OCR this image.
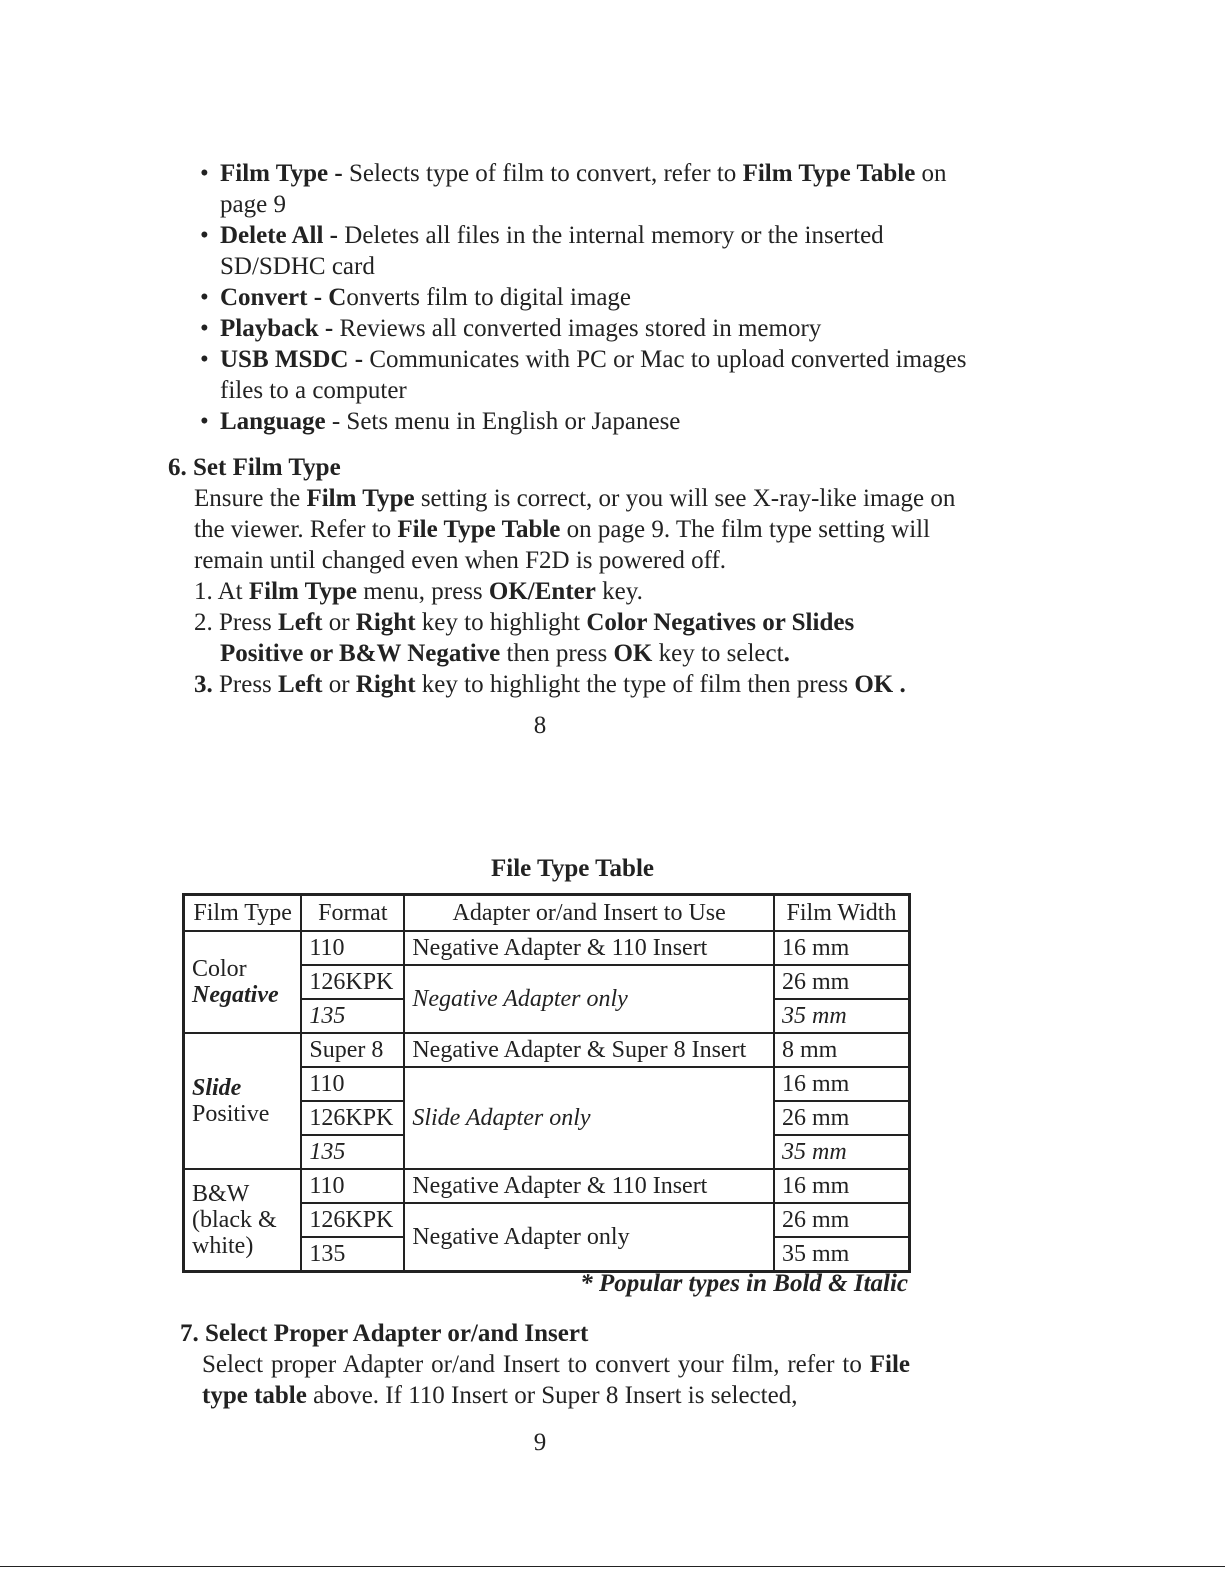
• Film Type - Selects type of film to convert, refer to Film Type Table on page 9
• Delete All - Deletes all files in the internal memory or the inserted SD/SDHC card
• Convert - Converts film to digital image
• Playback - Reviews all converted images stored in memory
• USB MSDC - Communicates with PC or Mac to upload converted images files to a computer
• Language - Sets menu in English or Japanese
6. Set Film Type
Ensure the Film Type setting is correct, or you will see X-ray-like image on the viewer. Refer to File Type Table on page 9. The film type setting will remain until changed even when F2D is powered off.
1. At Film Type menu, press OK/Enter key.
2. Press Left or Right key to highlight Color Negatives or Slides
Positive or B&W Negative then press OK key to select.
3. Press Left or Right key to highlight the type of film then press OK .
8
File Type Table
Film Type	Format	Adapter or/and Insert to Use	Film Width
Color
Negative	110	Negative Adapter & 110 Insert	16 mm
	126KPK	Negative Adapter only	26 mm
	135		35 mm
Slide
Positive	Super 8	Negative Adapter & Super 8 Insert	8 mm
	110	Slide Adapter only	16 mm
	126KPK		26 mm
	135		35 mm
B&W (black & white)	110	Negative Adapter & 110 Insert	16 mm
	126KPK	Negative Adapter only	26 mm
	135		35 mm
* Popular types in Bold & Italic
7. Select Proper Adapter or/and Insert
Select proper Adapter or/and Insert to convert your film, refer to File type table above. If 110 Insert or Super 8 Insert is selected,
9
